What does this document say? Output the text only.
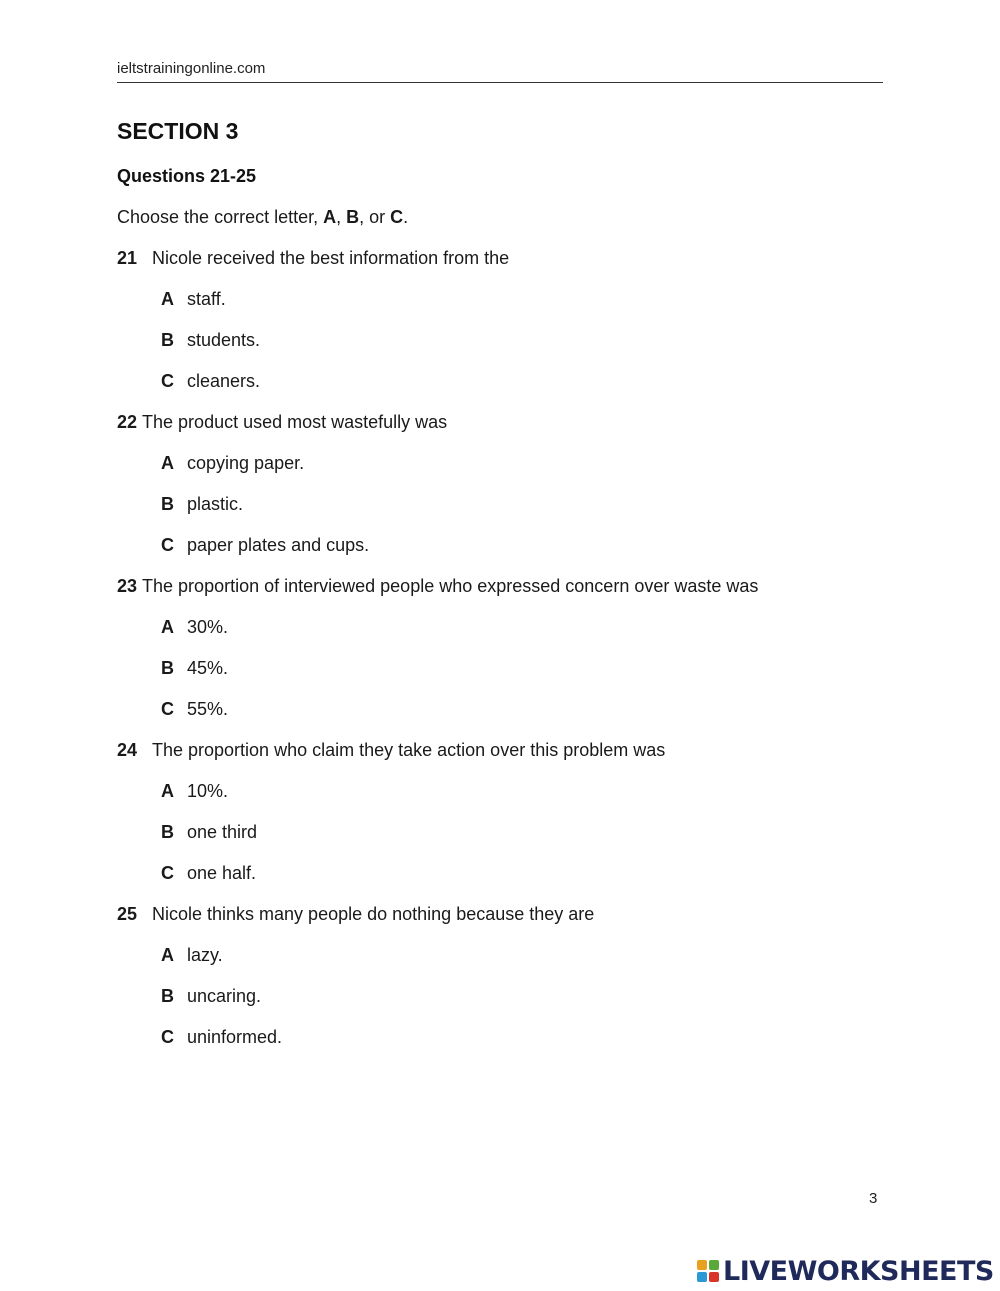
ieltstrainingonline.com
SECTION 3
Questions 21-25
Choose the correct letter, A, B, or C.
21 Nicole received the best information from the
A staff.
B students.
C cleaners.
22 The product used most wastefully was
A copying paper.
B plastic.
C paper plates and cups.
23 The proportion of interviewed people who expressed concern over waste was
A 30%.
B 45%.
C 55%.
24 The proportion who claim they take action over this problem was
A 10%.
B one third
C one half.
25 Nicole thinks many people do nothing because they are
A lazy.
B uncaring.
C uninformed.
3
LIVEWORKSHEETS
